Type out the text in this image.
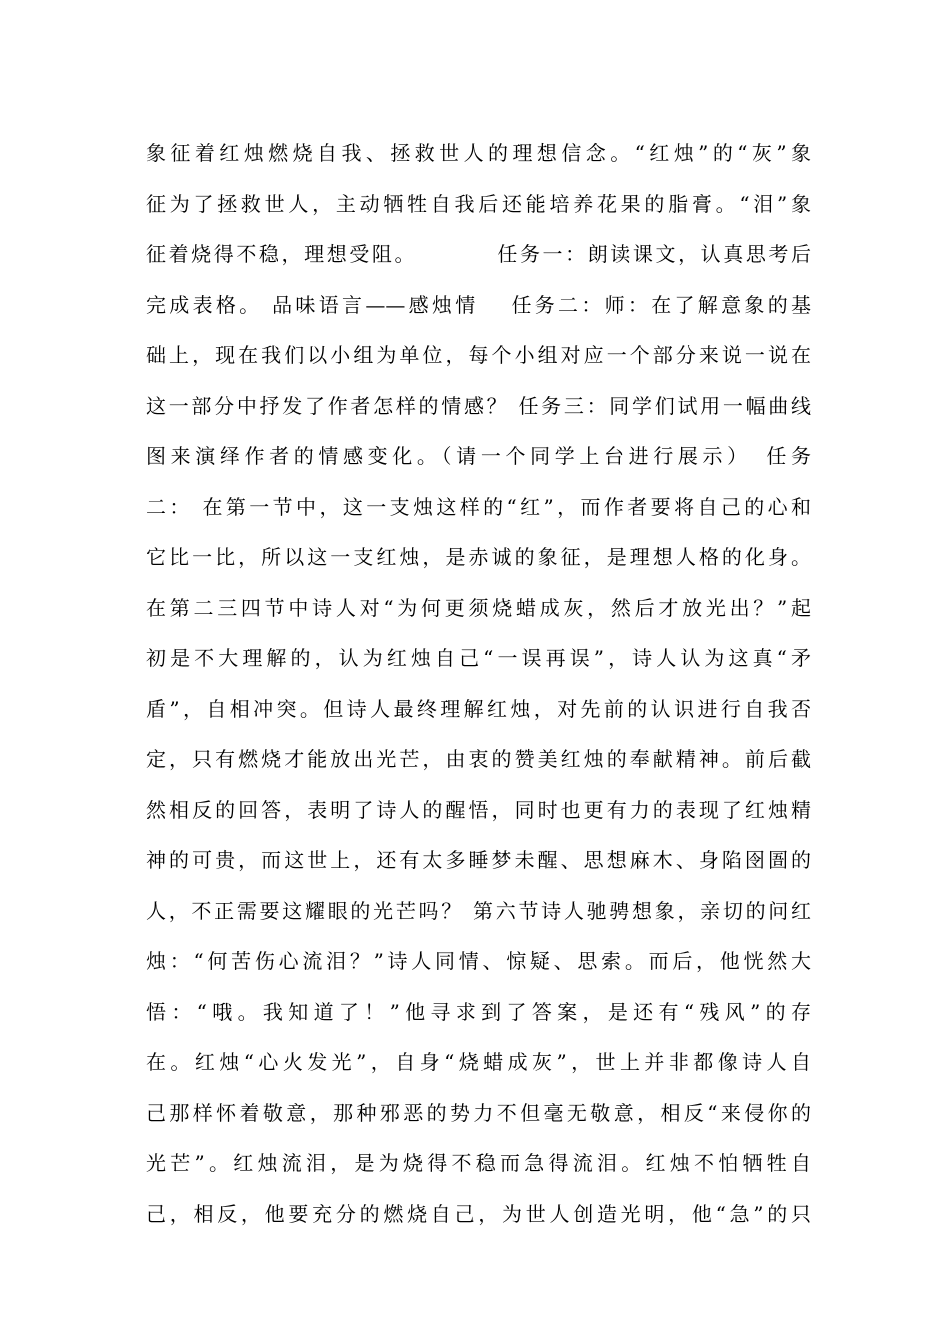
象征着红烛燃烧自我、拯救世人的理想信念。“红烛”的“灰”象
征为了拯救世人，主动牺牲自我后还能培养花果的脂膏。“泪”象
征着烧得不稳，理想受阻。　　　　任务一：朗读课文，认真思考后
完成表格。 品味语言——感烛情　 任务二：师：在了解意象的基
础上，现在我们以小组为单位，每个小组对应一个部分来说一说在
这一部分中抒发了作者怎样的情感？ 任务三：同学们试用一幅曲线
图来演绎作者的情感变化。（请一个同学上台进行展示）　任务
二： 在第一节中，这一支烛这样的“红”，而作者要将自己的心和
它比一比，所以这一支红烛，是赤诚的象征，是理想人格的化身。
在第二三四节中诗人对“为何更须烧蜡成灰，然后才放光出？”起
初是不大理解的，认为红烛自己“一误再误”，诗人认为这真“矛
盾”，自相冲突。但诗人最终理解红烛，对先前的认识进行自我否
定，只有燃烧才能放出光芒，由衷的赞美红烛的奉献精神。前后截
然相反的回答，表明了诗人的醒悟，同时也更有力的表现了红烛精
神的可贵，而这世上，还有太多睡梦未醒、思想麻木、身陷囹圄的
人，不正需要这耀眼的光芒吗？ 第六节诗人驰骋想象，亲切的问红
烛：“何苦伤心流泪？”诗人同情、惊疑、思索。而后，他恍然大
悟：“哦。我知道了！”他寻求到了答案，是还有“残风”的存
在。红烛“心火发光”，自身“烧蜡成灰”，世上并非都像诗人自
己那样怀着敬意，那种邪恶的势力不但毫无敬意，相反“来侵你的
光芒”。红烛流泪，是为烧得不稳而急得流泪。红烛不怕牺牲自
己，相反，他要充分的燃烧自己，为世人创造光明，他“急”的只
